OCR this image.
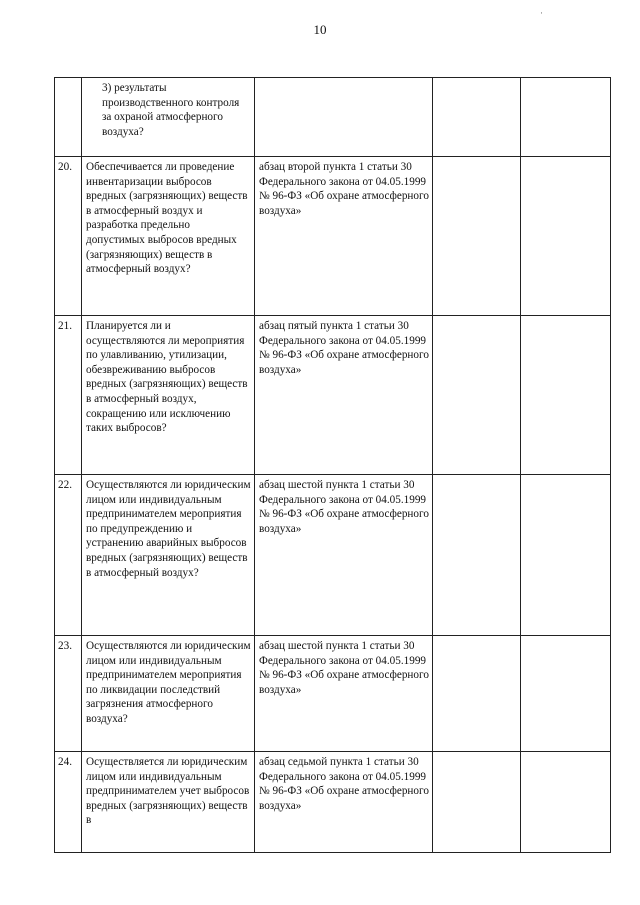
10
·
	3) результаты производственного контроля за охраной атмосферного воздуха?			
20.	Обеспечивается ли проведение инвентаризации выбросов вредных (загрязняющих) веществ в атмосферный воздух и разработка предельно допустимых выбросов вредных (загрязняющих) веществ в атмосферный воздух?	абзац второй пункта 1 статьи 30 Федерального закона от 04.05.1999 № 96-ФЗ «Об охране атмосферного воздуха»		
21.	Планируется ли и осуществляются ли мероприятия по улавливанию, утилизации, обезвреживанию выбросов вредных (загрязняющих) веществ в атмосферный воздух, сокращению или исключению таких выбросов?	абзац пятый пункта 1 статьи 30 Федерального закона от 04.05.1999 № 96-ФЗ «Об охране атмосферного воздуха»		
22.	Осуществляются ли юридическим лицом или индивидуальным предпринимателем мероприятия по предупреждению и устранению аварийных выбросов вредных (загрязняющих) веществ в атмосферный воздух?	абзац шестой пункта 1 статьи 30 Федерального закона от 04.05.1999 № 96-ФЗ «Об охране атмосферного воздуха»		
23.	Осуществляются ли юридическим лицом или индивидуальным предпринимателем мероприятия по ликвидации последствий загрязнения атмосферного воздуха?	абзац шестой пункта 1 статьи 30 Федерального закона от 04.05.1999 № 96-ФЗ «Об охране атмосферного воздуха»		
24.	Осуществляется ли юридическим лицом или индивидуальным предпринимателем учет выбросов вредных (загрязняющих) веществ в	абзац седьмой пункта 1 статьи 30 Федерального закона от 04.05.1999 № 96-ФЗ «Об охране атмосферного воздуха»		
